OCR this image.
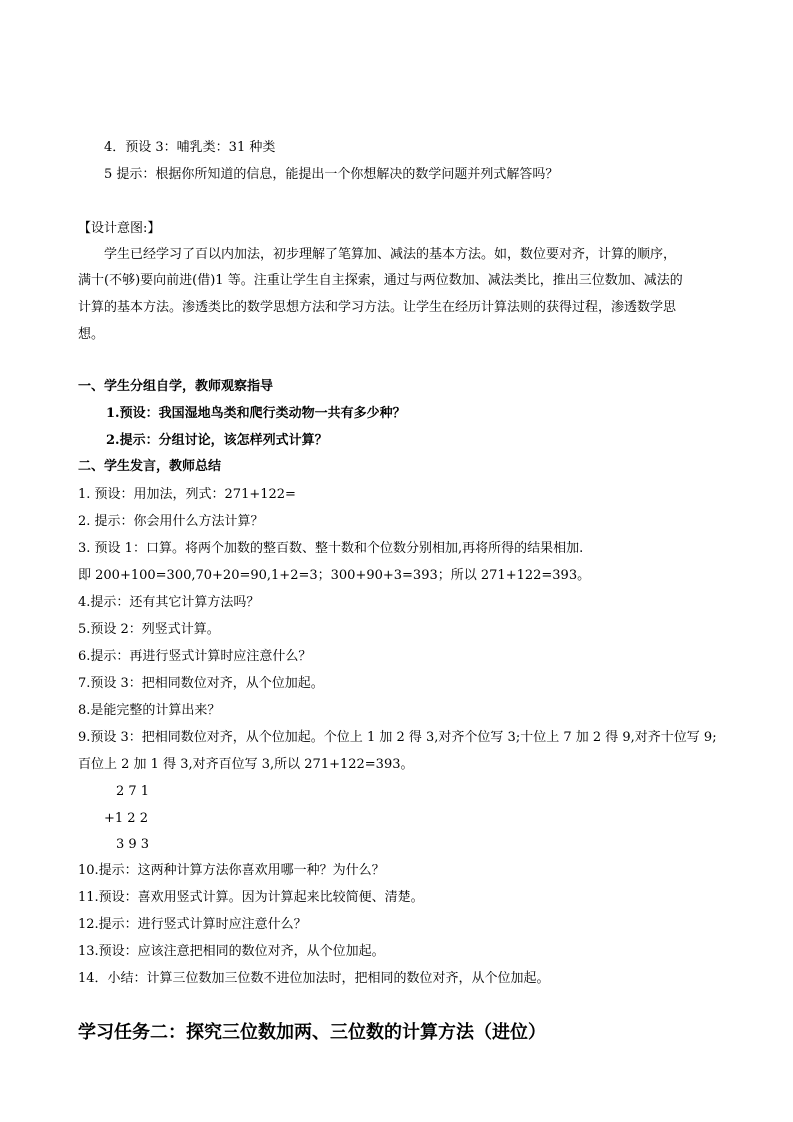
4．预设 3：哺乳类：31 种类
5 提示：根据你所知道的信息，能提出一个你想解决的数学问题并列式解答吗？
【设计意图:】
学生已经学习了百以内加法，初步理解了笔算加、减法的基本方法。如，数位要对齐，计算的顺序，
满十(不够)要向前进(借)1 等。注重让学生自主探索，通过与两位数加、减法类比，推出三位数加、减法的
计算的基本方法。渗透类比的数学思想方法和学习方法。让学生在经历计算法则的获得过程，渗透数学思
想。
一、学生分组自学，教师观察指导
1.预设：我国湿地鸟类和爬行类动物一共有多少种？
2.提示：分组讨论，该怎样列式计算？
二、学生发言，教师总结
1. 预设：用加法，列式：271+122=
2. 提示：你会用什么方法计算？
3. 预设 1：口算。将两个加数的整百数、整十数和个位数分别相加,再将所得的结果相加.
即 200+100=300,70+20=90,1+2=3；300+90+3=393；所以 271+122=393。
4.提示：还有其它计算方法吗？
5.预设 2：列竖式计算。
6.提示：再进行竖式计算时应注意什么？
7.预设 3：把相同数位对齐，从个位加起。
8.是能完整的计算出来？
9.预设 3：把相同数位对齐，从个位加起。个位上 1 加 2 得 3,对齐个位写 3;十位上 7 加 2 得 9,对齐十位写 9;
百位上 2 加 1 得 3,对齐百位写 3,所以 271+122=393。
2 7 1
+1 2 2
3 9 3
10.提示：这两种计算方法你喜欢用哪一种？为什么？
11.预设：喜欢用竖式计算。因为计算起来比较简便、清楚。
12.提示：进行竖式计算时应注意什么？
13.预设：应该注意把相同的数位对齐，从个位加起。
14．小结：计算三位数加三位数不进位加法时，把相同的数位对齐，从个位加起。
学习任务二：探究三位数加两、三位数的计算方法（进位）
